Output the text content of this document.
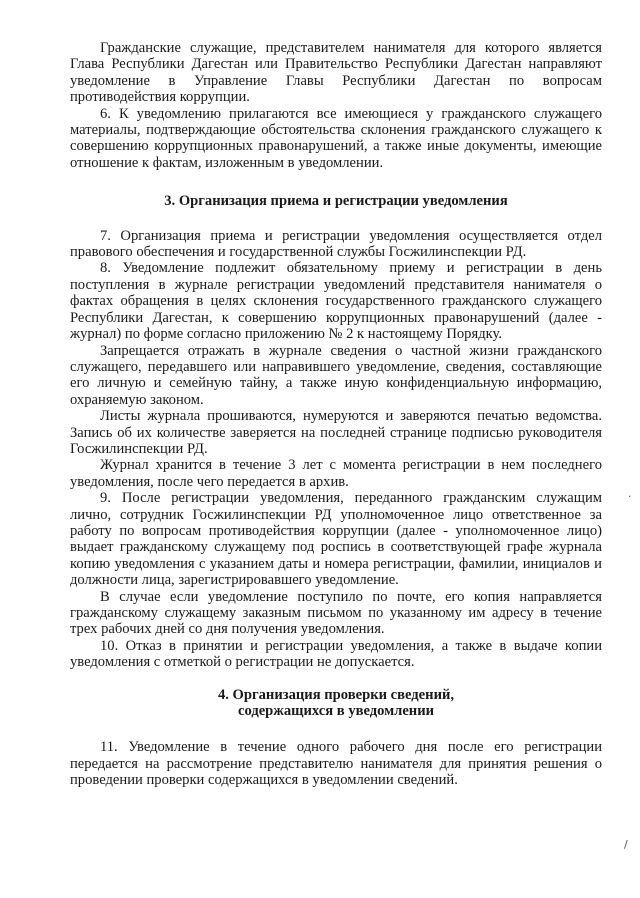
Гражданские служащие, представителем нанимателя для которого является Глава Республики Дагестан или Правительство Республики Дагестан направляют уведомление в Управление Главы Республики Дагестан по вопросам противодействия коррупции.

6. К уведомлению прилагаются все имеющиеся у гражданского служащего материалы, подтверждающие обстоятельства склонения гражданского служащего к совершению коррупционных правонарушений, а также иные документы, имеющие отношение к фактам, изложенным в уведомлении.

3. Организация приема и регистрации уведомления

7. Организация приема и регистрации уведомления осуществляется отдел правового обеспечения и государственной службы Госжилинспекции РД.

8. Уведомление подлежит обязательному приему и регистрации в день поступления в журнале регистрации уведомлений представителя нанимателя о фактах обращения в целях склонения государственного гражданского служащего Республики Дагестан, к совершению коррупционных правонарушений (далее - журнал) по форме согласно приложению № 2 к настоящему Порядку.

Запрещается отражать в журнале сведения о частной жизни гражданского служащего, передавшего или направившего уведомление, сведения, составляющие его личную и семейную тайну, а также иную конфиденциальную информацию, охраняемую законом.

Листы журнала прошиваются, нумеруются и заверяются печатью ведомства. Запись об их количестве заверяется на последней странице подписью руководителя Госжилинспекции РД.

Журнал хранится в течение 3 лет с момента регистрации в нем последнего уведомления, после чего передается в архив.

9. После регистрации уведомления, переданного гражданским служащим лично, сотрудник Госжилинспекции РД уполномоченное лицо ответственное за работу по вопросам противодействия коррупции (далее - уполномоченное лицо) выдает гражданскому служащему под роспись в соответствующей графе журнала копию уведомления с указанием даты и номера регистрации, фамилии, инициалов и должности лица, зарегистрировавшего уведомление.

В случае если уведомление поступило по почте, его копия направляется гражданскому служащему заказным письмом по указанному им адресу в течение трех рабочих дней со дня получения уведомления.

10. Отказ в принятии и регистрации уведомления, а также в выдаче копии уведомления с отметкой о регистрации не допускается.

4. Организация проверки сведений,

содержащихся в уведомлении

11. Уведомление в течение одного рабочего дня после его регистрации передается на рассмотрение представителю нанимателя для принятия решения о проведении проверки содержащихся в уведомлении сведений.

·
/
